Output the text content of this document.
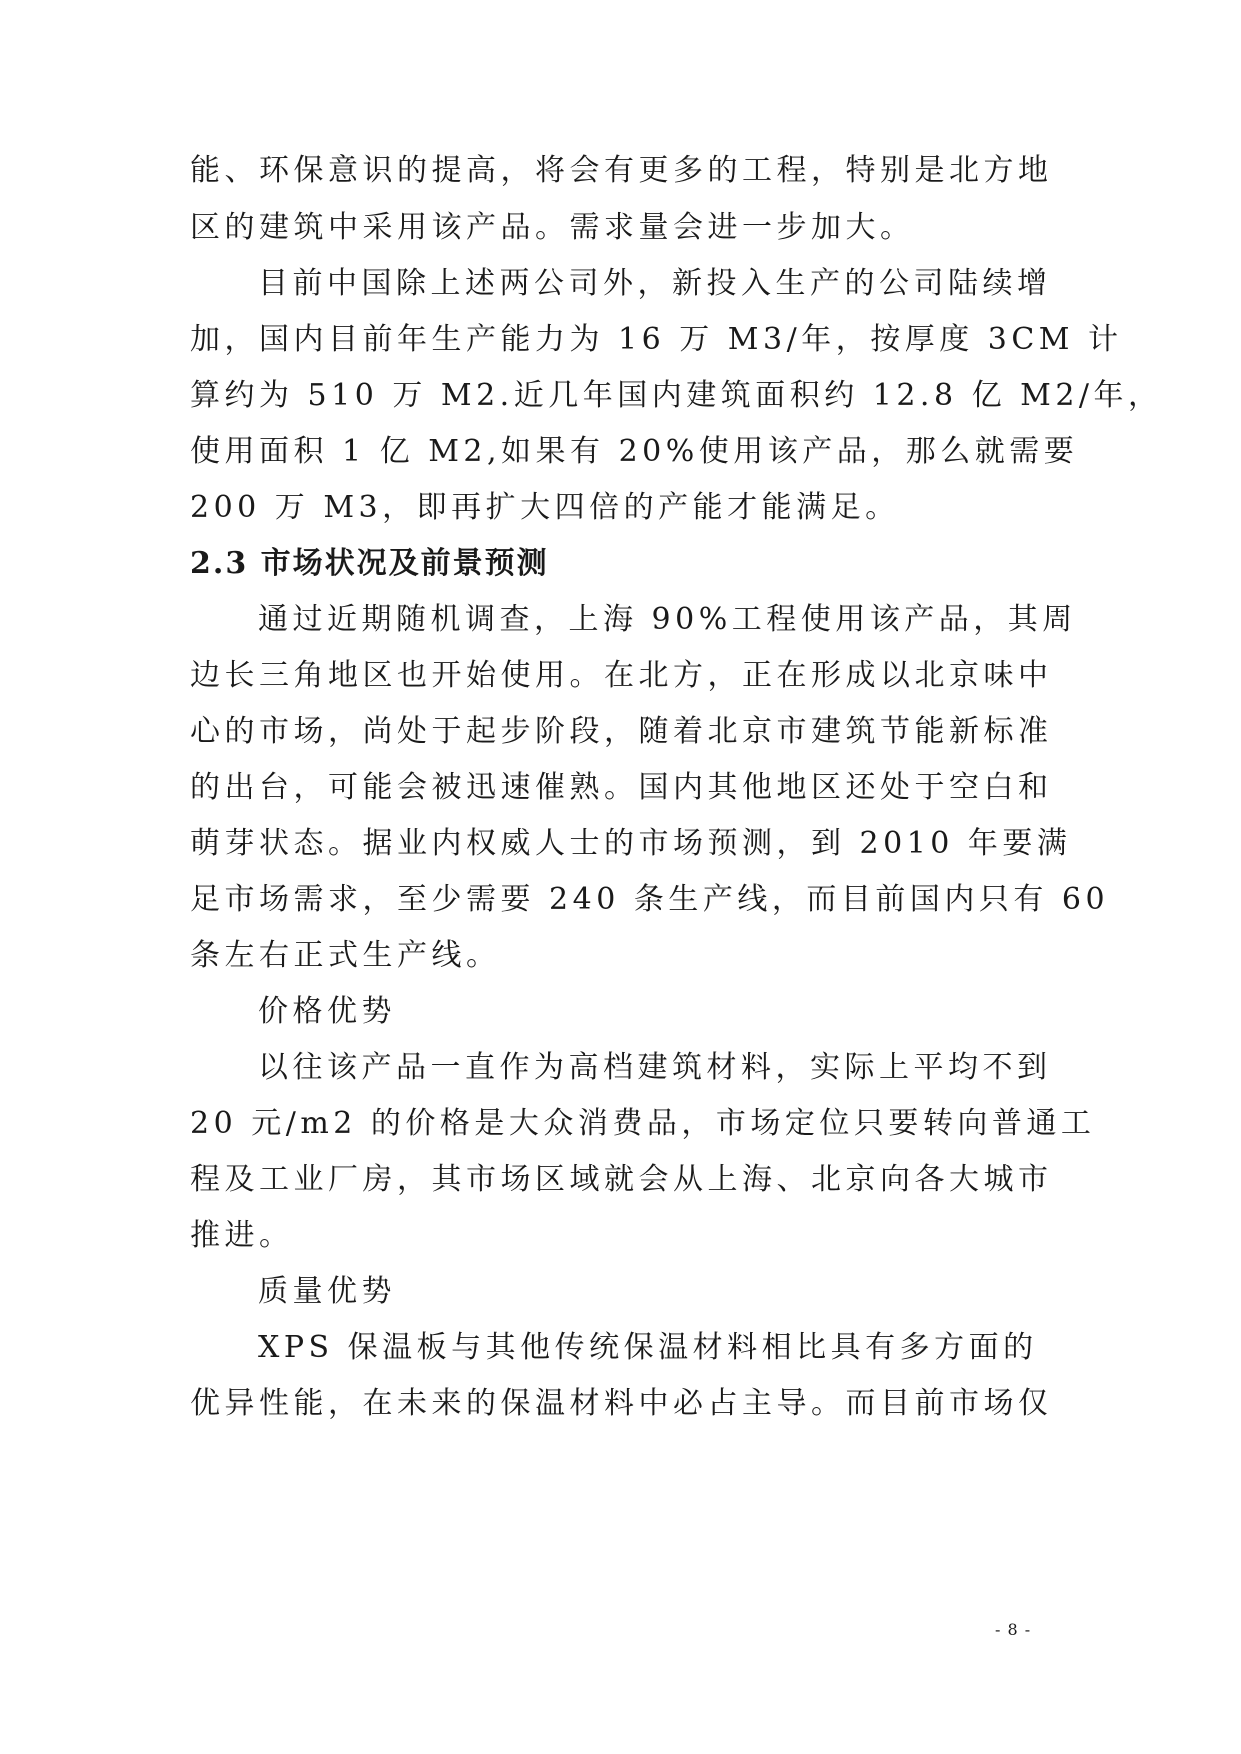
能、环保意识的提高，将会有更多的工程，特别是北方地
区的建筑中采用该产品。需求量会进一步加大。
目前中国除上述两公司外，新投入生产的公司陆续增
加，国内目前年生产能力为 16 万 M3/年，按厚度 3CM 计
算约为 510 万 M2.近几年国内建筑面积约 12.8 亿 M2/年，
使用面积 1 亿 M2,如果有 20%使用该产品，那么就需要
200 万 M3，即再扩大四倍的产能才能满足。
2.3 市场状况及前景预测
通过近期随机调查，上海 90%工程使用该产品，其周
边长三角地区也开始使用。在北方，正在形成以北京味中
心的市场，尚处于起步阶段，随着北京市建筑节能新标准
的出台，可能会被迅速催熟。国内其他地区还处于空白和
萌芽状态。据业内权威人士的市场预测，到 2010 年要满
足市场需求，至少需要 240 条生产线，而目前国内只有 60
条左右正式生产线。
价格优势
以往该产品一直作为高档建筑材料，实际上平均不到
20 元/m2 的价格是大众消费品，市场定位只要转向普通工
程及工业厂房，其市场区域就会从上海、北京向各大城市
推进。
质量优势
XPS 保温板与其他传统保温材料相比具有多方面的
优异性能，在未来的保温材料中必占主导。而目前市场仅
- 8 -
